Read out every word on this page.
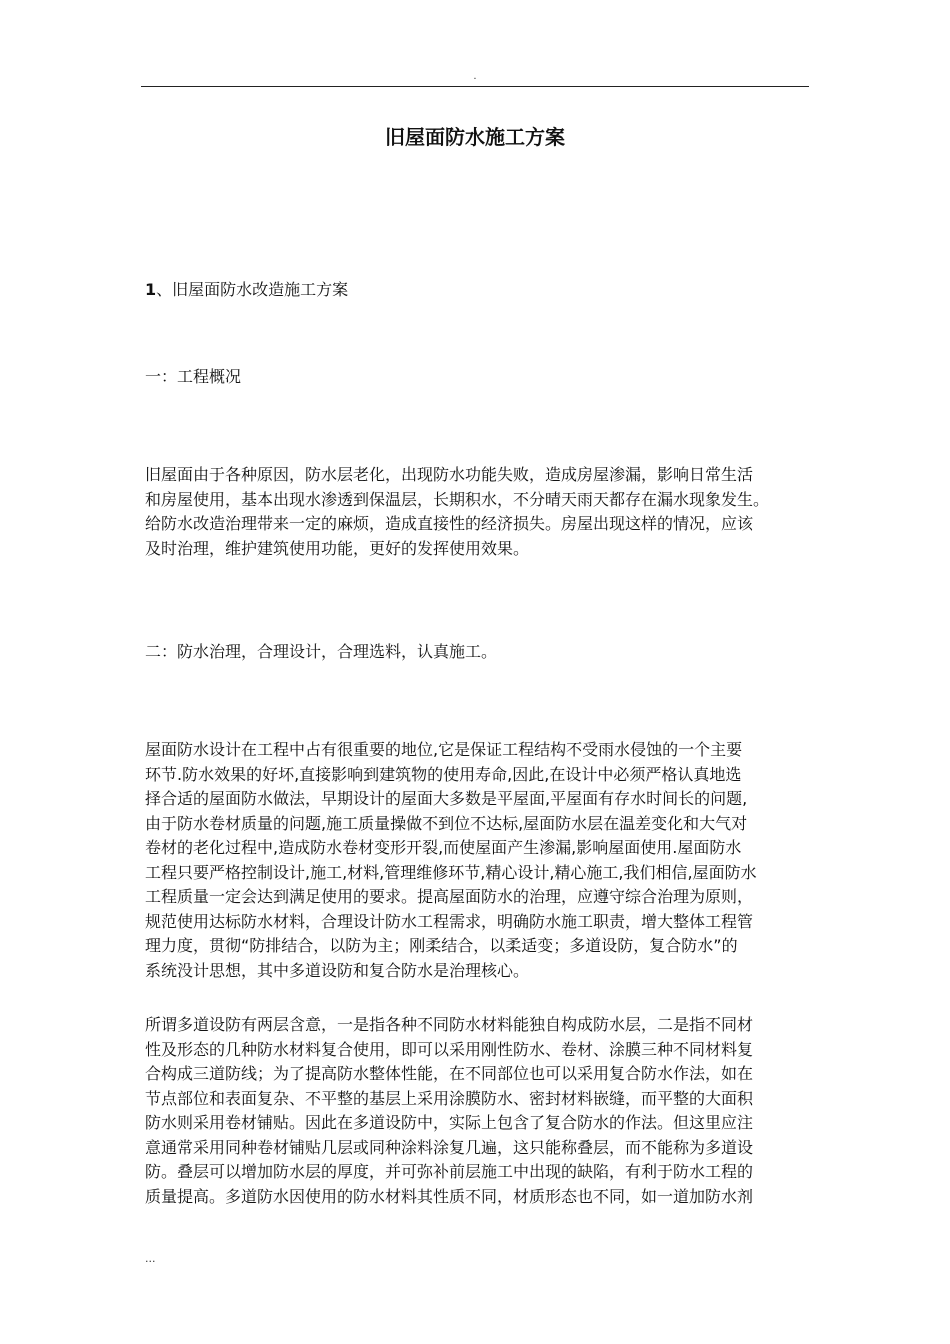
.
旧屋面防水施工方案
1、旧屋面防水改造施工方案
一：工程概况
旧屋面由于各种原因，防水层老化，出现防水功能失败，造成房屋渗漏，影响日常生活
和房屋使用，基本出现水渗透到保温层，长期积水，不分晴天雨天都存在漏水现象发生。
给防水改造治理带来一定的麻烦，造成直接性的经济损失。房屋出现这样的情况，应该
及时治理，维护建筑使用功能，更好的发挥使用效果。
二：防水治理，合理设计，合理选料，认真施工。
屋面防水设计在工程中占有很重要的地位,它是保证工程结构不受雨水侵蚀的一个主要
环节.防水效果的好坏,直接影响到建筑物的使用寿命,因此,在设计中必须严格认真地选
择合适的屋面防水做法，早期设计的屋面大多数是平屋面,平屋面有存水时间长的问题,
由于防水卷材质量的问题,施工质量操做不到位不达标,屋面防水层在温差变化和大气对
卷材的老化过程中,造成防水卷材变形开裂,而使屋面产生渗漏,影响屋面使用.屋面防水
工程只要严格控制设计,施工,材料,管理维修环节,精心设计,精心施工,我们相信,屋面防水
工程质量一定会达到满足使用的要求。提高屋面防水的治理，应遵守综合治理为原则，
规范使用达标防水材料，合理设计防水工程需求，明确防水施工职责，增大整体工程管
理力度，贯彻“防排结合，以防为主；刚柔结合，以柔适变；多道设防，复合防水”的
系统没计思想，其中多道设防和复合防水是治理核心。
所谓多道设防有两层含意，一是指各种不同防水材料能独自构成防水层，二是指不同材
性及形态的几种防水材料复合使用，即可以采用刚性防水、卷材、涂膜三种不同材料复
合构成三道防线；为了提高防水整体性能，在不同部位也可以采用复合防水作法，如在
节点部位和表面复杂、不平整的基层上采用涂膜防水、密封材料嵌缝，而平整的大面积
防水则采用卷材铺贴。因此在多道设防中，实际上包含了复合防水的作法。但这里应注
意通常采用同种卷材铺贴几层或同种涂料涂复几遍，这只能称叠层，而不能称为多道设
防。叠层可以增加防水层的厚度，并可弥补前层施工中出现的缺陷，有利于防水工程的
质量提高。多道防水因使用的防水材料其性质不同，材质形态也不同，如一道加防水剂
...
